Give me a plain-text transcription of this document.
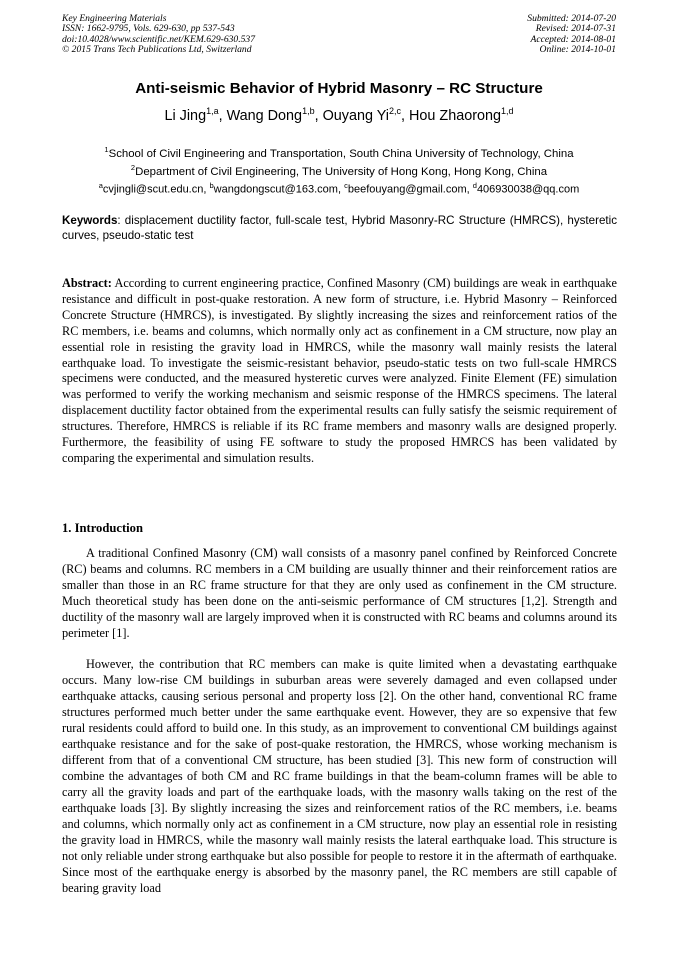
Key Engineering Materials
ISSN: 1662-9795, Vols. 629-630, pp 537-543
doi:10.4028/www.scientific.net/KEM.629-630.537
© 2015 Trans Tech Publications Ltd, Switzerland
Submitted: 2014-07-20
Revised: 2014-07-31
Accepted: 2014-08-01
Online: 2014-10-01
Anti-seismic Behavior of Hybrid Masonry – RC Structure
Li Jing$^{1,a}$, Wang Dong$^{1,b}$, Ouyang Yi$^{2,c}$, Hou Zhaorong$^{1,d}$
$^1$School of Civil Engineering and Transportation, South China University of Technology, China
$^2$Department of Civil Engineering, The University of Hong Kong, Hong Kong, China
$^a$cvjingli@scut.edu.cn, $^b$wangdongscut@163.com, $^c$beefouyang@gmail.com, $^d$406930038@qq.com
Keywords: displacement ductility factor, full-scale test, Hybrid Masonry-RC Structure (HMRCS), hysteretic curves, pseudo-static test
Abstract: According to current engineering practice, Confined Masonry (CM) buildings are weak in earthquake resistance and difficult in post-quake restoration. A new form of structure, i.e. Hybrid Masonry – Reinforced Concrete Structure (HMRCS), is investigated. By slightly increasing the sizes and reinforcement ratios of the RC members, i.e. beams and columns, which normally only act as confinement in a CM structure, now play an essential role in resisting the gravity load in HMRCS, while the masonry wall mainly resists the lateral earthquake load. To investigate the seismic-resistant behavior, pseudo-static tests on two full-scale HMRCS specimens were conducted, and the measured hysteretic curves were analyzed. Finite Element (FE) simulation was performed to verify the working mechanism and seismic response of the HMRCS specimens. The lateral displacement ductility factor obtained from the experimental results can fully satisfy the seismic requirement of structures. Therefore, HMRCS is reliable if its RC frame members and masonry walls are designed properly. Furthermore, the feasibility of using FE software to study the proposed HMRCS has been validated by comparing the experimental and simulation results.
1. Introduction

A traditional Confined Masonry (CM) wall consists of a masonry panel confined by Reinforced Concrete (RC) beams and columns. RC members in a CM building are usually thinner and their reinforcement ratios are smaller than those in an RC frame structure for that they are only used as confinement in the CM structure. Much theoretical study has been done on the anti-seismic performance of CM structures [1,2]. Strength and ductility of the masonry wall are largely improved when it is constructed with RC beams and columns around its perimeter [1].

However, the contribution that RC members can make is quite limited when a devastating earthquake occurs. Many low-rise CM buildings in suburban areas were severely damaged and even collapsed under earthquake attacks, causing serious personal and property loss [2]. On the other hand, conventional RC frame structures performed much better under the same earthquake event. However, they are so expensive that few rural residents could afford to build one. In this study, as an improvement to conventional CM buildings against earthquake resistance and for the sake of post-quake restoration, the HMRCS, whose working mechanism is different from that of a conventional CM structure, has been studied [3]. This new form of construction will combine the advantages of both CM and RC frame buildings in that the beam-column frames will be able to carry all the gravity loads and part of the earthquake loads, with the masonry walls taking on the rest of the earthquake loads [3]. By slightly increasing the sizes and reinforcement ratios of the RC members, i.e. beams and columns, which normally only act as confinement in a CM structure, now play an essential role in resisting the gravity load in HMRCS, while the masonry wall mainly resists the lateral earthquake load. This structure is not only reliable under strong earthquake but also possible for people to restore it in the aftermath of earthquake. Since most of the earthquake energy is absorbed by the masonry panel, the RC members are still capable of bearing gravity load
